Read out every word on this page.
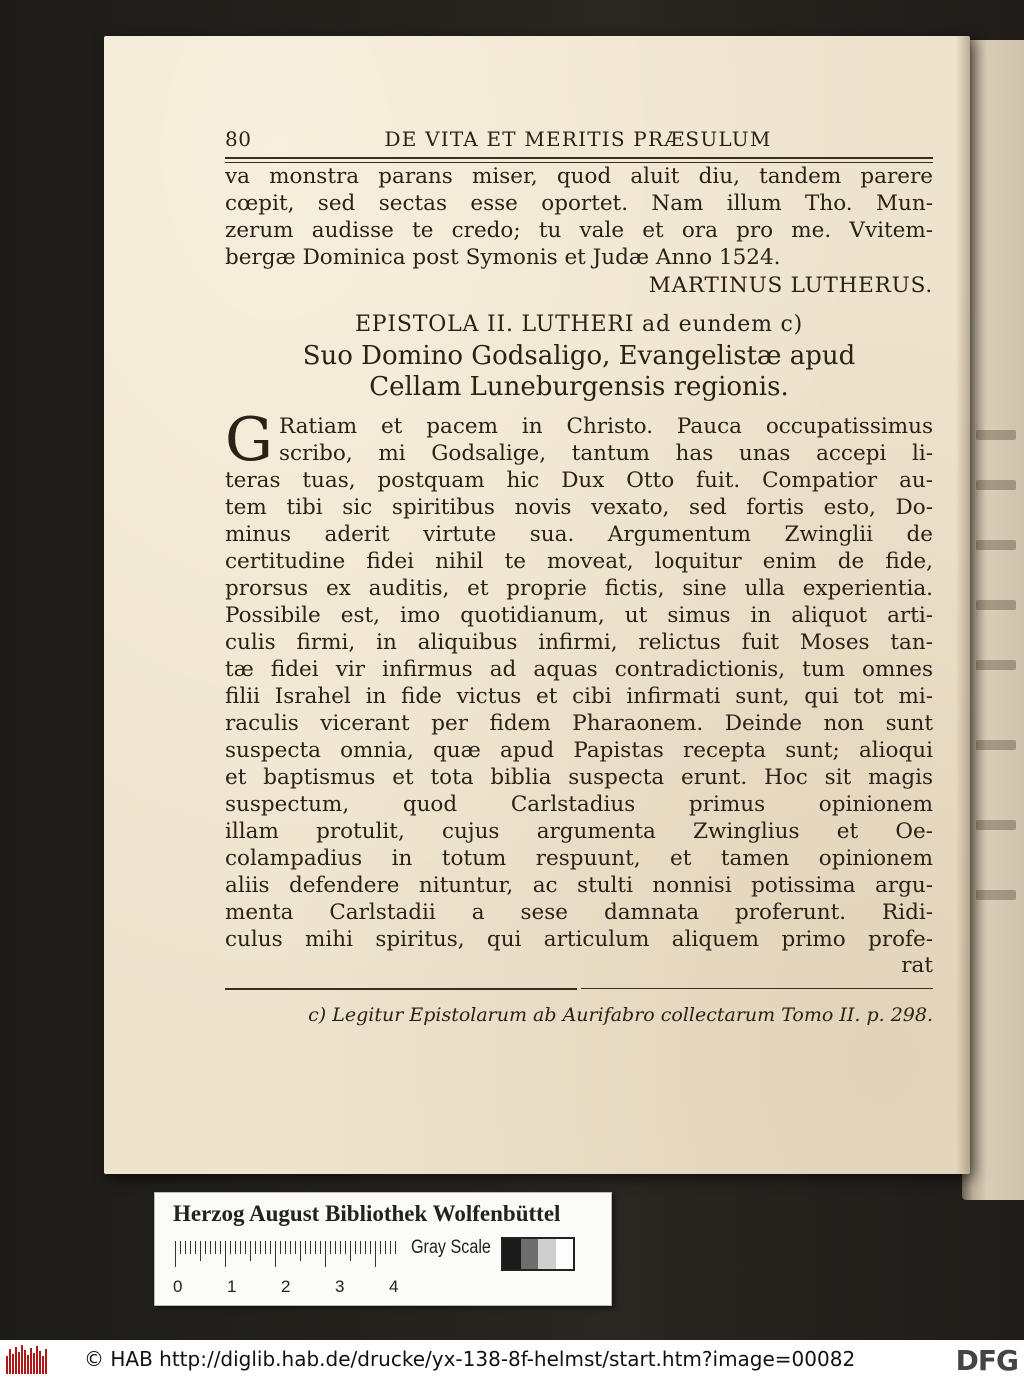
80	DE VITA ET MERITIS PRÆSULUM
va monstra parans miser, quod aluit diu, tandem parere
cœpit, sed sectas esse oportet. Nam illum Tho. Mun-
zerum audisse te credo; tu vale et ora pro me. Vvitem-
bergæ Dominica post Symonis et Judæ Anno 1524.
MARTINUS LUTHERUS.
EPISTOLA II. LUTHERI ad eundem c)
Suo Domino Godsaligo, Evangelistæ apud
Cellam Luneburgensis regionis.
G Ratiam et pacem in Christo. Pauca occupatissimus
scribo, mi Godsalige, tantum has unas accepi li-
teras tuas, postquam hic Dux Otto fuit. Compatior au-
tem tibi sic spiritibus novis vexato, sed fortis esto, Do-
minus aderit virtute sua. Argumentum Zwinglii de
certitudine fidei nihil te moveat, loquitur enim de fide,
prorsus ex auditis, et proprie fictis, sine ulla experientia.
Possibile est, imo quotidianum, ut simus in aliquot arti-
culis firmi, in aliquibus infirmi, relictus fuit Moses tan-
tæ fidei vir infirmus ad aquas contradictionis, tum omnes
filii Israhel in fide victus et cibi infirmati sunt, qui tot mi-
raculis vicerant per fidem Pharaonem. Deinde non sunt
suspecta omnia, quæ apud Papistas recepta sunt; alioqui
et baptismus et tota biblia suspecta erunt. Hoc sit magis
suspectum, quod Carlstadius primus opinionem
illam protulit, cujus argumenta Zwinglius et Oe-
colampadius in totum respuunt, et tamen opinionem
aliis defendere nituntur, ac stulti nonnisi potissima argu-
menta Carlstadii a sese damnata proferunt. Ridi-
culus mihi spiritus, qui articulum aliquem primo profe-
rat
c) Legitur Epistolarum ab Aurifabro collectarum Tomo II. p. 298.
Herzog August Bibliothek Wolfenbüttel
0	1	2	3	4
Gray Scale
© HAB http://diglib.hab.de/drucke/yx-138-8f-helmst/start.htm?image=00082	DFG
